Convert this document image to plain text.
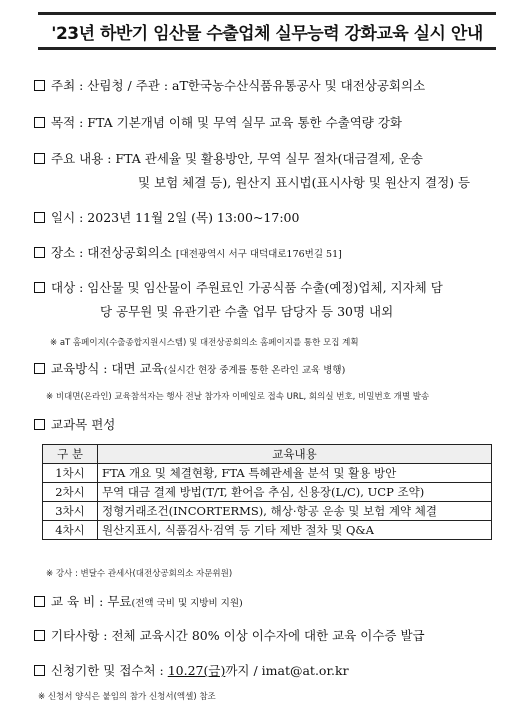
'23년 하반기 임산물 수출업체 실무능력 강화교육 실시 안내
주최 : 산림청 / 주관 : aT한국농수산식품유통공사 및 대전상공회의소
목적 : FTA 기본개념 이해 및 무역 실무 교육 통한 수출역량 강화
주요 내용 : FTA 관세율 및 활용방안, 무역 실무 절차(대금결제, 운송
및 보험 체결 등), 원산지 표시법(표시사항 및 원산지 결정) 등
일시 : 2023년 11월 2일 (목) 13:00~17:00
장소 : 대전상공회의소 [대전광역시 서구 대덕대로176번길 51]
대상 : 임산물 및 임산물이 주원료인 가공식품 수출(예정)업체, 지자체 담
당 공무원 및 유관기관 수출 업무 담당자 등 30명 내외
※ aT 홈페이지(수출종합지원시스템) 및 대전상공회의소 홈페이지를 통한 모집 계획
교육방식 : 대면 교육(실시간 현장 중계를 통한 온라인 교육 병행)
※ 비대면(온라인) 교육참석자는 행사 전날 참가자 이메일로 접속 URL, 회의실 번호, 비밀번호 개별 발송
교과목 편성
구 분	교육내용
1차시	FTA 개요 및 체결현황, FTA 특혜관세율 분석 및 활용 방안
2차시	무역 대금 결제 방법(T/T, 환어음 추심, 신용장(L/C), UCP 조약)
3차시	정형거래조건(INCORTERMS), 해상·항공 운송 및 보험 계약 체결
4차시	원산지표시, 식품검사·검역 등 기타 제반 절차 및 Q&A
※ 강사 : 변달수 관세사(대전상공회의소 자문위원)
교 육 비 : 무료(전액 국비 및 지방비 지원)
기타사항 : 전체 교육시간 80% 이상 이수자에 대한 교육 이수증 발급
신청기한 및 접수처 : 10.27(금)까지 / imat@at.or.kr
※ 신청서 양식은 붙임의 참가 신청서(엑셀) 참조
